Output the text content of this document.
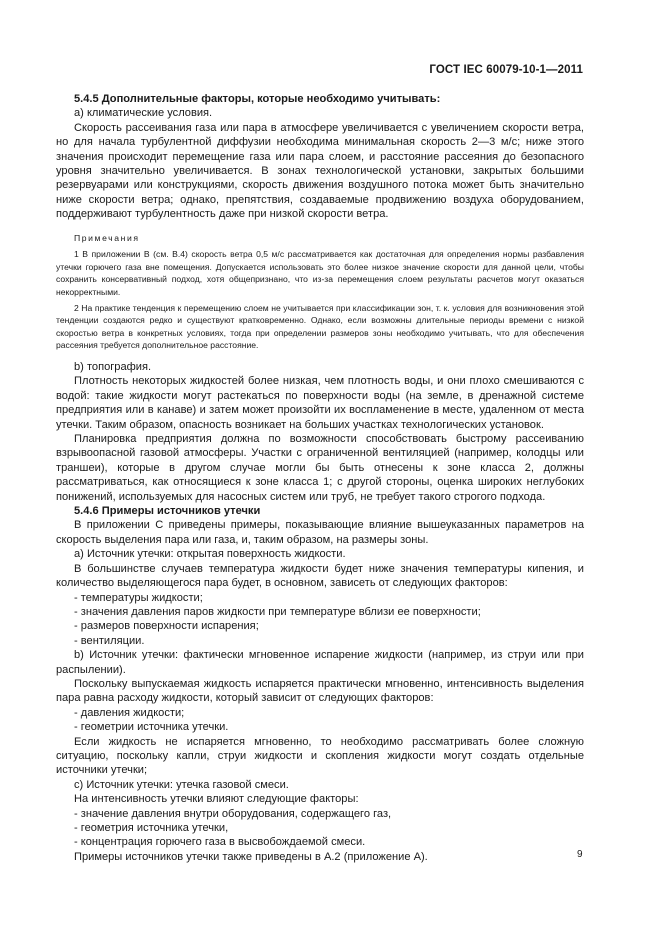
ГОСТ IEC 60079-10-1—2011

5.4.5 Дополнительные факторы, которые необходимо учитывать:

а) климатические условия.

Скорость рассеивания газа или пара в атмосфере увеличивается с увеличением скорости ветра, но для начала турбулентной диффузии необходима минимальная скорость 2—3 м/с; ниже этого значения происходит перемещение газа или пара слоем, и расстояние рассеяния до безопасного уровня значительно увеличивается. В зонах технологической установки, закрытых большими резервуарами или конструкциями, скорость движения воздушного потока может быть значительно ниже скорости ветра; однако, препятствия, создаваемые продвижению воздуха оборудованием, поддерживают турбулентность даже при низкой скорости ветра.

Примечания

1 В приложении В (см. В.4) скорость ветра 0,5 м/с рассматривается как достаточная для определения нормы разбавления утечки горючего газа вне помещения. Допускается использовать это более низкое значение скорости для данной цели, чтобы сохранить консервативный подход, хотя общепризнано, что из-за перемещения слоем результаты расчетов могут оказаться некорректными.

2 На практике тенденция к перемещению слоем не учитывается при классификации зон, т. к. условия для возникновения этой тенденции создаются редко и существуют кратковременно. Однако, если возможны длительные периоды времени с низкой скоростью ветра в конкретных условиях, тогда при определении размеров зоны необходимо учитывать, что для обеспечения рассеяния требуется дополнительное расстояние.

b) топография.

Плотность некоторых жидкостей более низкая, чем плотность воды, и они плохо смешиваются с водой: такие жидкости могут растекаться по поверхности воды (на земле, в дренажной системе предприятия или в канаве) и затем может произойти их воспламенение в месте, удаленном от места утечки. Таким образом, опасность возникает на больших участках технологических установок.

Планировка предприятия должна по возможности способствовать быстрому рассеиванию взрывоопасной газовой атмосферы. Участки с ограниченной вентиляцией (например, колодцы или траншеи), которые в другом случае могли бы быть отнесены к зоне класса 2, должны рассматриваться, как относящиеся к зоне класса 1; с другой стороны, оценка широких неглубоких понижений, используемых для насосных систем или труб, не требует такого строгого подхода.

5.4.6 Примеры источников утечки

В приложении С приведены примеры, показывающие влияние вышеуказанных параметров на скорость выделения пара или газа, и, таким образом, на размеры зоны.

а) Источник утечки: открытая поверхность жидкости.

В большинстве случаев температура жидкости будет ниже значения температуры кипения, и количество выделяющегося пара будет, в основном, зависеть от следующих факторов:

- температуры жидкости;

- значения давления паров жидкости при температуре вблизи ее поверхности;

- размеров поверхности испарения;

- вентиляции.

b) Источник утечки: фактически мгновенное испарение жидкости (например, из струи или при распылении).

Поскольку выпускаемая жидкость испаряется практически мгновенно, интенсивность выделения пара равна расходу жидкости, который зависит от следующих факторов:

- давления жидкости;

- геометрии источника утечки.

Если жидкость не испаряется мгновенно, то необходимо рассматривать более сложную ситуацию, поскольку капли, струи жидкости и скопления жидкости могут создать отдельные источники утечки;

с) Источник утечки: утечка газовой смеси.

На интенсивность утечки влияют следующие факторы:

- значение давления внутри оборудования, содержащего газ,

- геометрия источника утечки,

- концентрация горючего газа в высвобождаемой смеси.

Примеры источников утечки также приведены в А.2 (приложение А).	9
